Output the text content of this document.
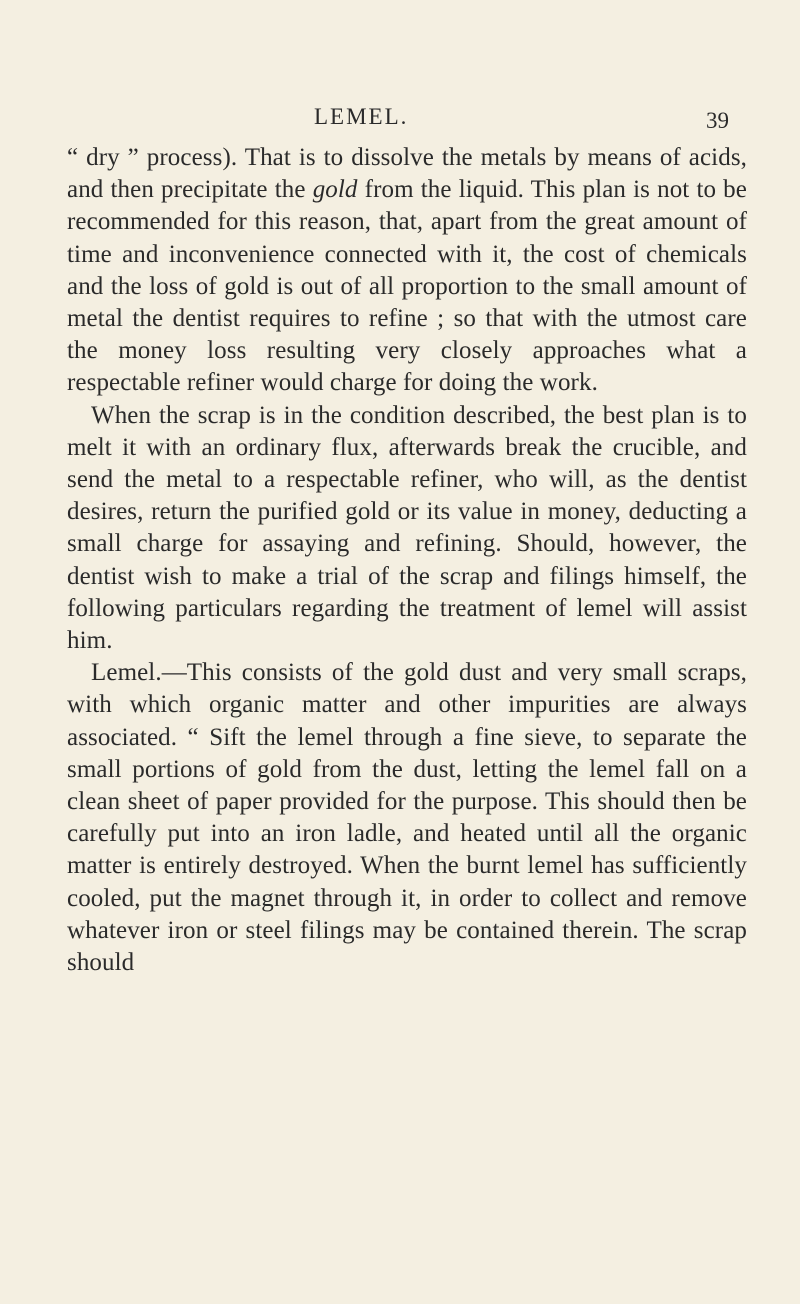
LEMEL.	39

“ dry ” process). That is to dissolve the metals by means of acids, and then precipitate the gold from the liquid. This plan is not to be recommended for this reason, that, apart from the great amount of time and inconvenience connected with it, the cost of chemicals and the loss of gold is out of all proportion to the small amount of metal the dentist requires to refine ; so that with the utmost care the money loss resulting very closely approaches what a respectable refiner would charge for doing the work.

When the scrap is in the condition described, the best plan is to melt it with an ordinary flux, afterwards break the crucible, and send the metal to a respectable refiner, who will, as the dentist desires, return the purified gold or its value in money, deducting a small charge for assaying and refining. Should, however, the dentist wish to make a trial of the scrap and filings himself, the following particulars regarding the treatment of lemel will assist him.

Lemel.—This consists of the gold dust and very small scraps, with which organic matter and other impurities are always associated. “ Sift the lemel through a fine sieve, to separate the small portions of gold from the dust, letting the lemel fall on a clean sheet of paper provided for the purpose. This should then be carefully put into an iron ladle, and heated until all the organic matter is entirely destroyed. When the burnt lemel has sufficiently cooled, put the magnet through it, in order to collect and remove whatever iron or steel filings may be contained therein. The scrap should
